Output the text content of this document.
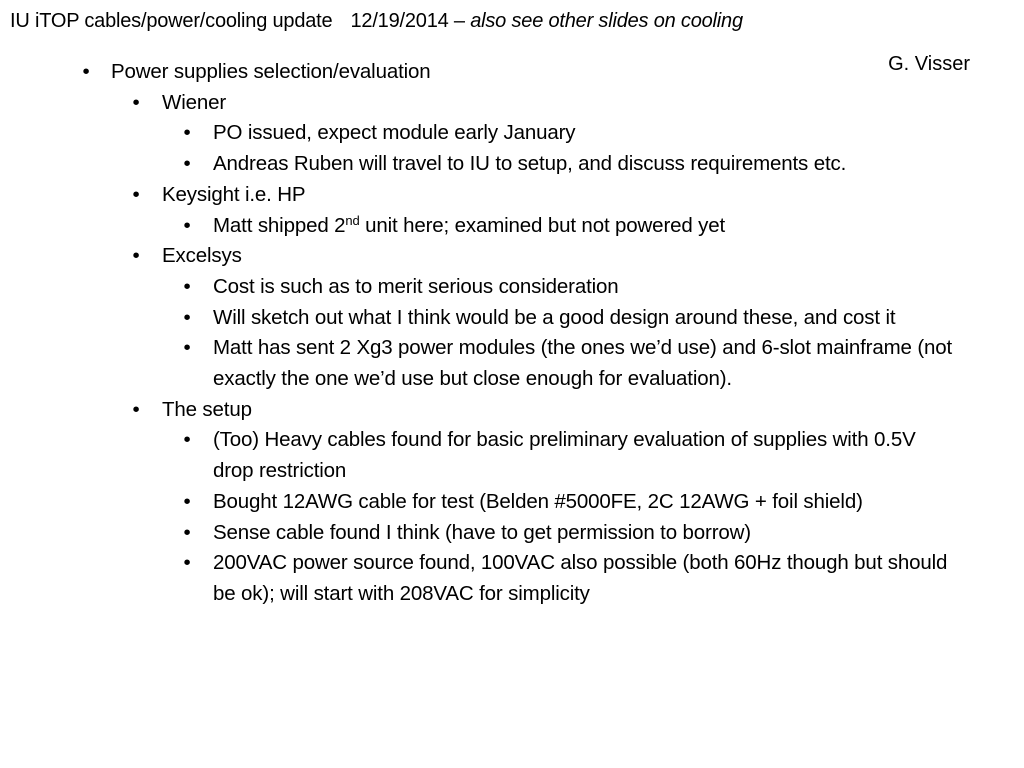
IU iTOP cables/power/cooling update 12/19/2014 – also see other slides on cooling
G. Visser
• Power supplies selection/evaluation
• Wiener
• PO issued, expect module early January
• Andreas Ruben will travel to IU to setup, and discuss requirements etc.
• Keysight i.e. HP
• Matt shipped 2nd unit here; examined but not powered yet
• Excelsys
• Cost is such as to merit serious consideration
• Will sketch out what I think would be a good design around these, and cost it
• Matt has sent 2 Xg3 power modules (the ones we’d use) and 6-slot mainframe (not exactly the one we’d use but close enough for evaluation).
• The setup
• (Too) Heavy cables found for basic preliminary evaluation of supplies with 0.5V drop restriction
• Bought 12AWG cable for test (Belden #5000FE, 2C 12AWG + foil shield)
• Sense cable found I think (have to get permission to borrow)
• 200VAC power source found, 100VAC also possible (both 60Hz though but should be ok); will start with 208VAC for simplicity
